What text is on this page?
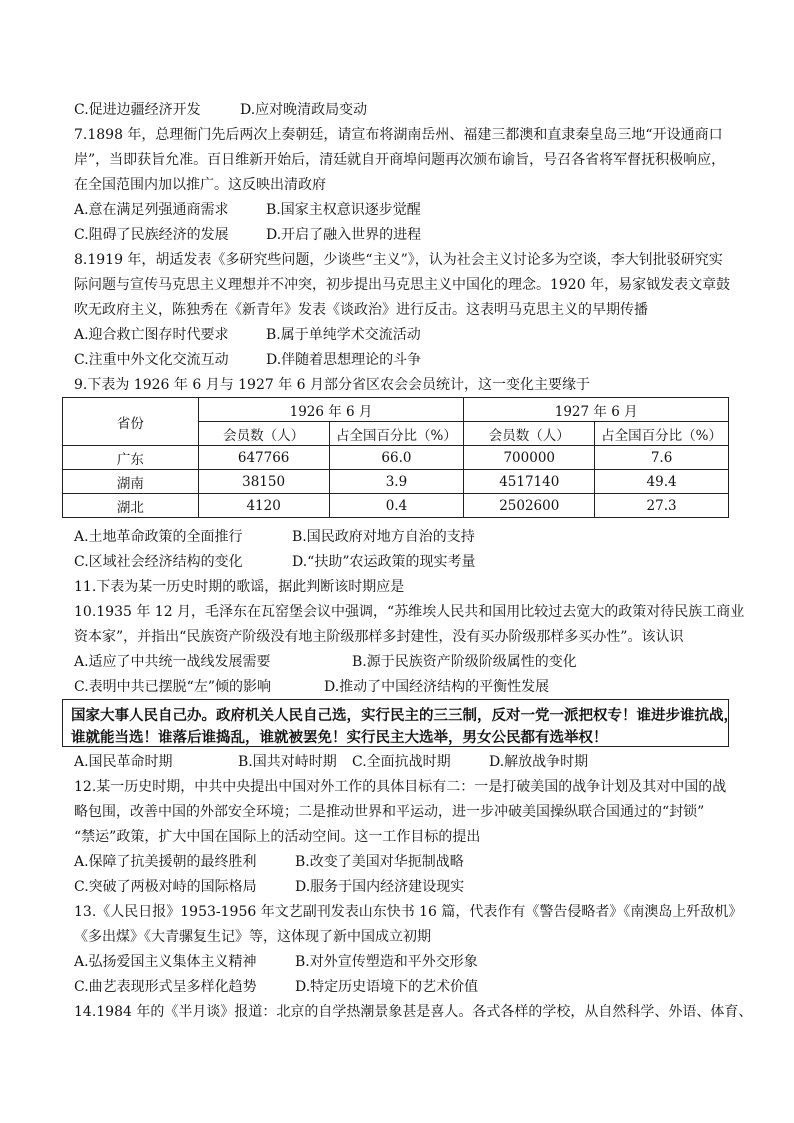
C.促进边疆经济开发	D.应对晚清政局变动
7.1898 年，总理衙门先后两次上奏朝廷，请宣布将湖南岳州、福建三都澳和直隶秦皇岛三地“开设通商口
岸”，当即获旨允准。百日维新开始后，清廷就自开商埠问题再次颁布谕旨，号召各省将军督抚积极响应，
在全国范围内加以推广。这反映出清政府
A.意在满足列强通商需求	B.国家主权意识逐步觉醒
C.阻碍了民族经济的发展	D.开启了融入世界的进程
8.1919 年，胡适发表《多研究些问题，少谈些“主义”》，认为社会主义讨论多为空谈，李大钊批驳研究实
际问题与宣传马克思主义理想并不冲突，初步提出马克思主义中国化的理念。1920 年，易家钺发表文章鼓
吹无政府主义，陈独秀在《新青年》发表《谈政治》进行反击。这表明马克思主义的早期传播
A.迎合救亡图存时代要求	B.属于单纯学术交流活动
C.注重中外文化交流互动	D.伴随着思想理论的斗争
9.下表为 1926 年 6 月与 1927 年 6 月部分省区农会会员统计，这一变化主要缘于
省份	1926 年 6 月		1927 年 6 月	
	会员数（人）	占全国百分比（%）	会员数（人）	占全国百分比（%）
广东	647766	66.0	700000	7.6
湖南	38150	3.9	4517140	49.4
湖北	4120	0.4	2502600	27.3
A.土地革命政策的全面推行	B.国民政府对地方自治的支持
C.区域社会经济结构的变化	D.“扶助”农运政策的现实考量
10.1935 年 12 月，毛泽东在瓦窑堡会议中强调，“苏维埃人民共和国用比较过去宽大的政策对待民族工商业
资本家”，并指出“民族资产阶级没有地主阶级那样多封建性，没有买办阶级那样多买办性”。该认识
A.适应了中共统一战线发展需要	B.源于民族资产阶级阶级属性的变化
C.表明中共已摆脱“左”倾的影响	D.推动了中国经济结构的平衡性发展
11.下表为某一历史时期的歌谣，据此判断该时期应是
国家大事人民自己办。政府机关人民自己选，实行民主的三三制，反对一党一派把权专！谁进步谁抗战，
谁就能当选！谁落后谁捣乱，谁就被罢免！实行民主大选举，男女公民都有选举权！
A.国民革命时期	B.国共对峙时期 C.全面抗战时期	D.解放战争时期
12.某一历史时期，中共中央提出中国对外工作的具体目标有二：一是打破美国的战争计划及其对中国的战
略包围，改善中国的外部安全环境；二是推动世界和平运动，进一步冲破美国操纵联合国通过的“封锁”
“禁运”政策，扩大中国在国际上的活动空间。这一工作目标的提出
A.保障了抗美援朝的最终胜利	B.改变了美国对华扼制战略
C.突破了两极对峙的国际格局	D.服务于国内经济建设现实
13.《人民日报》1953-1956 年文艺副刊发表山东快书 16 篇，代表作有《警告侵略者》《南澳岛上歼敌机》
《多出煤》《大青骡复生记》等，这体现了新中国成立初期
A.弘扬爱国主义集体主义精神	B.对外宣传塑造和平外交形象
C.曲艺表现形式呈多样化趋势	D.特定历史语境下的艺术价值
14.1984 年的《半月谈》报道：北京的自学热潮景象甚是喜人。各式各样的学校，从自然科学、外语、体育、
